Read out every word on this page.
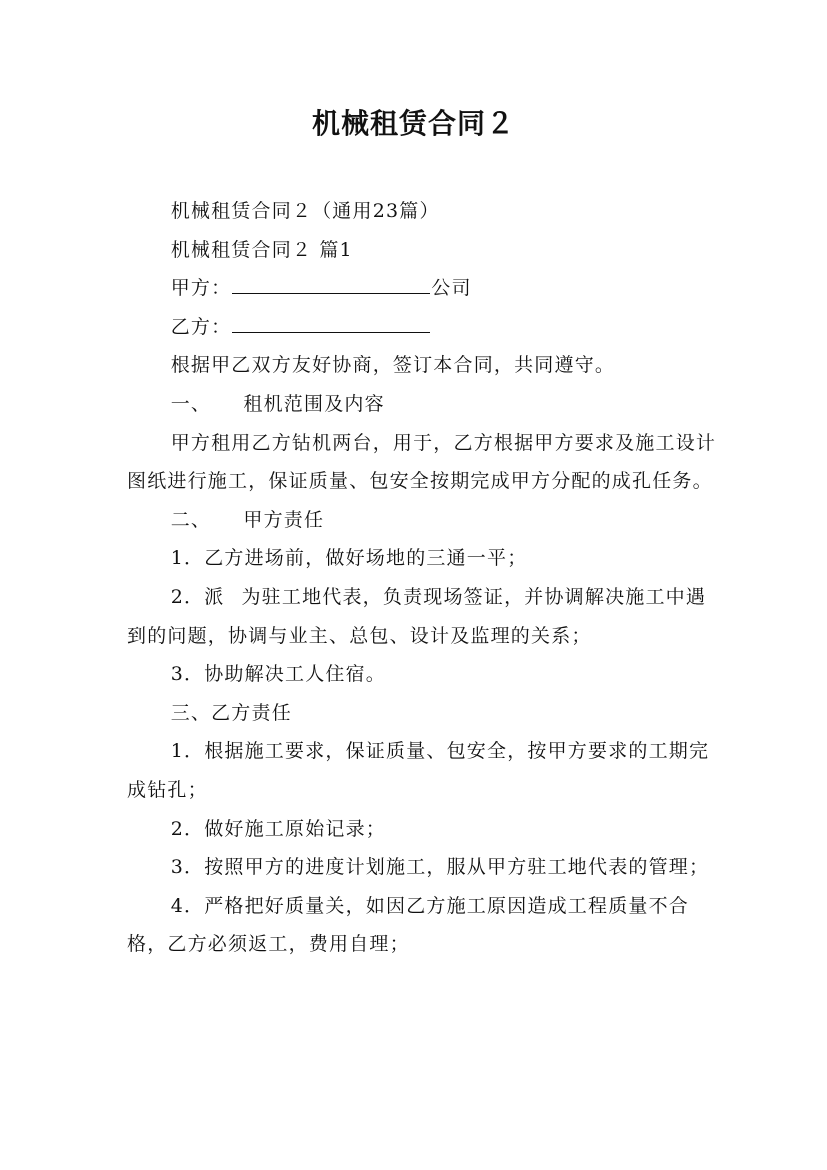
机械租赁合同２

机械租赁合同２（通用23篇）

机械租赁合同２ 篇1

甲方：	公司

乙方：

根据甲乙双方友好协商，签订本合同，共同遵守。

一、 租机范围及内容

甲方租用乙方钻机两台，用于，乙方根据甲方要求及施工设计图纸进行施工，保证质量、包安全按期完成甲方分配的成孔任务。

二、 甲方责任

1．乙方进场前，做好场地的三通一平；

2．派 为驻工地代表，负责现场签证，并协调解决施工中遇到的问题，协调与业主、总包、设计及监理的关系；

3．协助解决工人住宿。

三、乙方责任

1．根据施工要求，保证质量、包安全，按甲方要求的工期完成钻孔；

2．做好施工原始记录；

3．按照甲方的进度计划施工，服从甲方驻工地代表的管理；

4．严格把好质量关，如因乙方施工原因造成工程质量不合格，乙方必须返工，费用自理；
